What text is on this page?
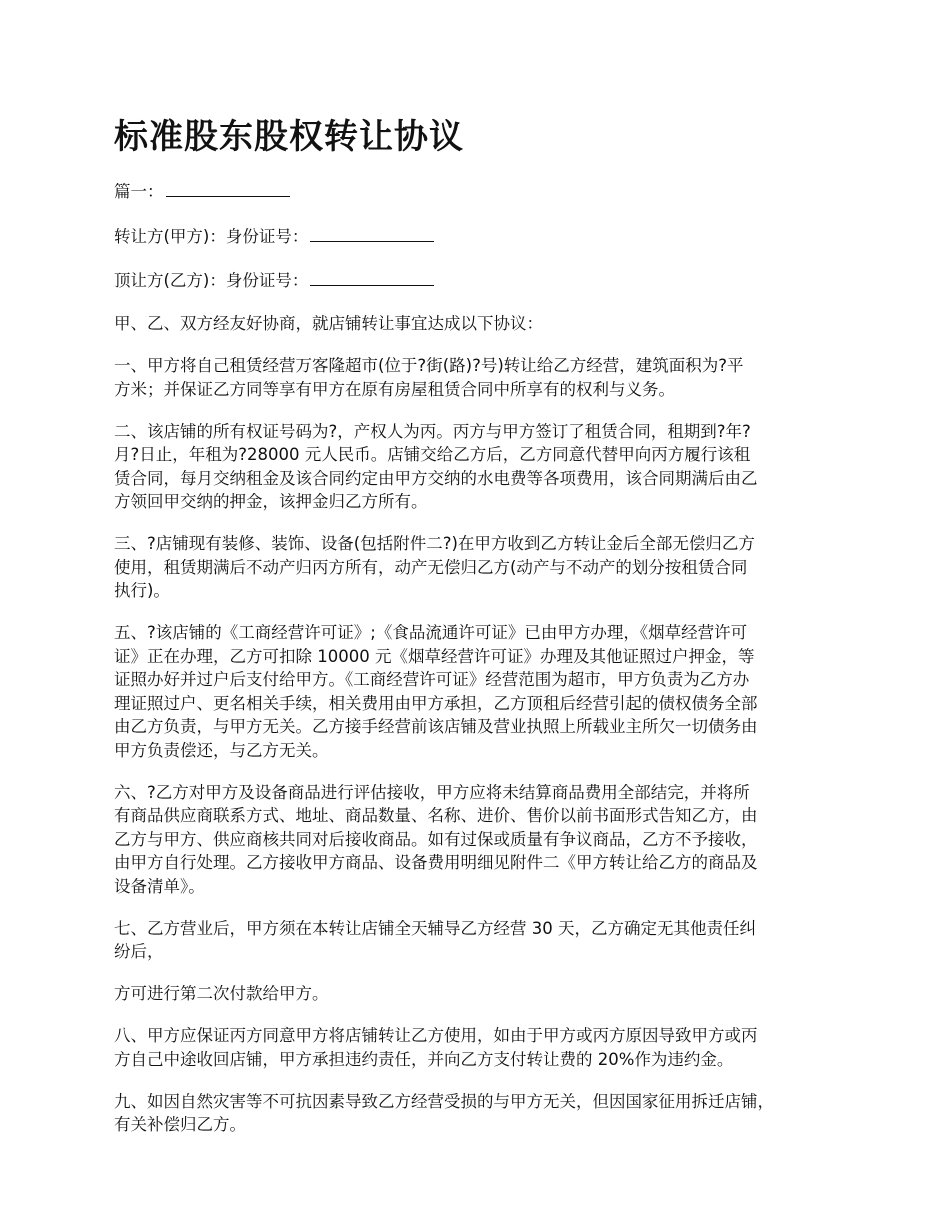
标准股东股权转让协议

篇一：

转让方(甲方)：身份证号：

顶让方(乙方)：身份证号：

甲、乙、双方经友好协商，就店铺转让事宜达成以下协议：

一、甲方将自己租赁经营万客隆超市(位于?街(路)?号)转让给乙方经营，建筑面积为?平
方米；并保证乙方同等享有甲方在原有房屋租赁合同中所享有的权利与义务。

二、该店铺的所有权证号码为?，产权人为丙。丙方与甲方签订了租赁合同，租期到?年?
月?日止，年租为?28000 元人民币。店铺交给乙方后，乙方同意代替甲向丙方履行该租
赁合同，每月交纳租金及该合同约定由甲方交纳的水电费等各项费用，该合同期满后由乙
方领回甲交纳的押金，该押金归乙方所有。

三、?店铺现有装修、装饰、设备(包括附件二?)在甲方收到乙方转让金后全部无偿归乙方
使用，租赁期满后不动产归丙方所有，动产无偿归乙方(动产与不动产的划分按租赁合同
执行)。

五、?该店铺的《工商经营许可证》;《食品流通许可证》已由甲方办理，《烟草经营许可
证》正在办理，乙方可扣除 10000 元《烟草经营许可证》办理及其他证照过户押金，等
证照办好并过户后支付给甲方。《工商经营许可证》经营范围为超市，甲方负责为乙方办
理证照过户、更名相关手续，相关费用由甲方承担，乙方顶租后经营引起的债权债务全部
由乙方负责，与甲方无关。乙方接手经营前该店铺及营业执照上所载业主所欠一切债务由
甲方负责偿还，与乙方无关。

六、?乙方对甲方及设备商品进行评估接收，甲方应将未结算商品费用全部结完，并将所
有商品供应商联系方式、地址、商品数量、名称、进价、售价以前书面形式告知乙方，由
乙方与甲方、供应商核共同对后接收商品。如有过保或质量有争议商品，乙方不予接收，
由甲方自行处理。乙方接收甲方商品、设备费用明细见附件二《甲方转让给乙方的商品及
设备清单》。

七、乙方营业后，甲方须在本转让店铺全天辅导乙方经营 30 天，乙方确定无其他责任纠
纷后，

方可进行第二次付款给甲方。

八、甲方应保证丙方同意甲方将店铺转让乙方使用，如由于甲方或丙方原因导致甲方或丙
方自己中途收回店铺，甲方承担违约责任，并向乙方支付转让费的 20%作为违约金。

九、如因自然灾害等不可抗因素导致乙方经营受损的与甲方无关，但因国家征用拆迁店铺，
有关补偿归乙方。
